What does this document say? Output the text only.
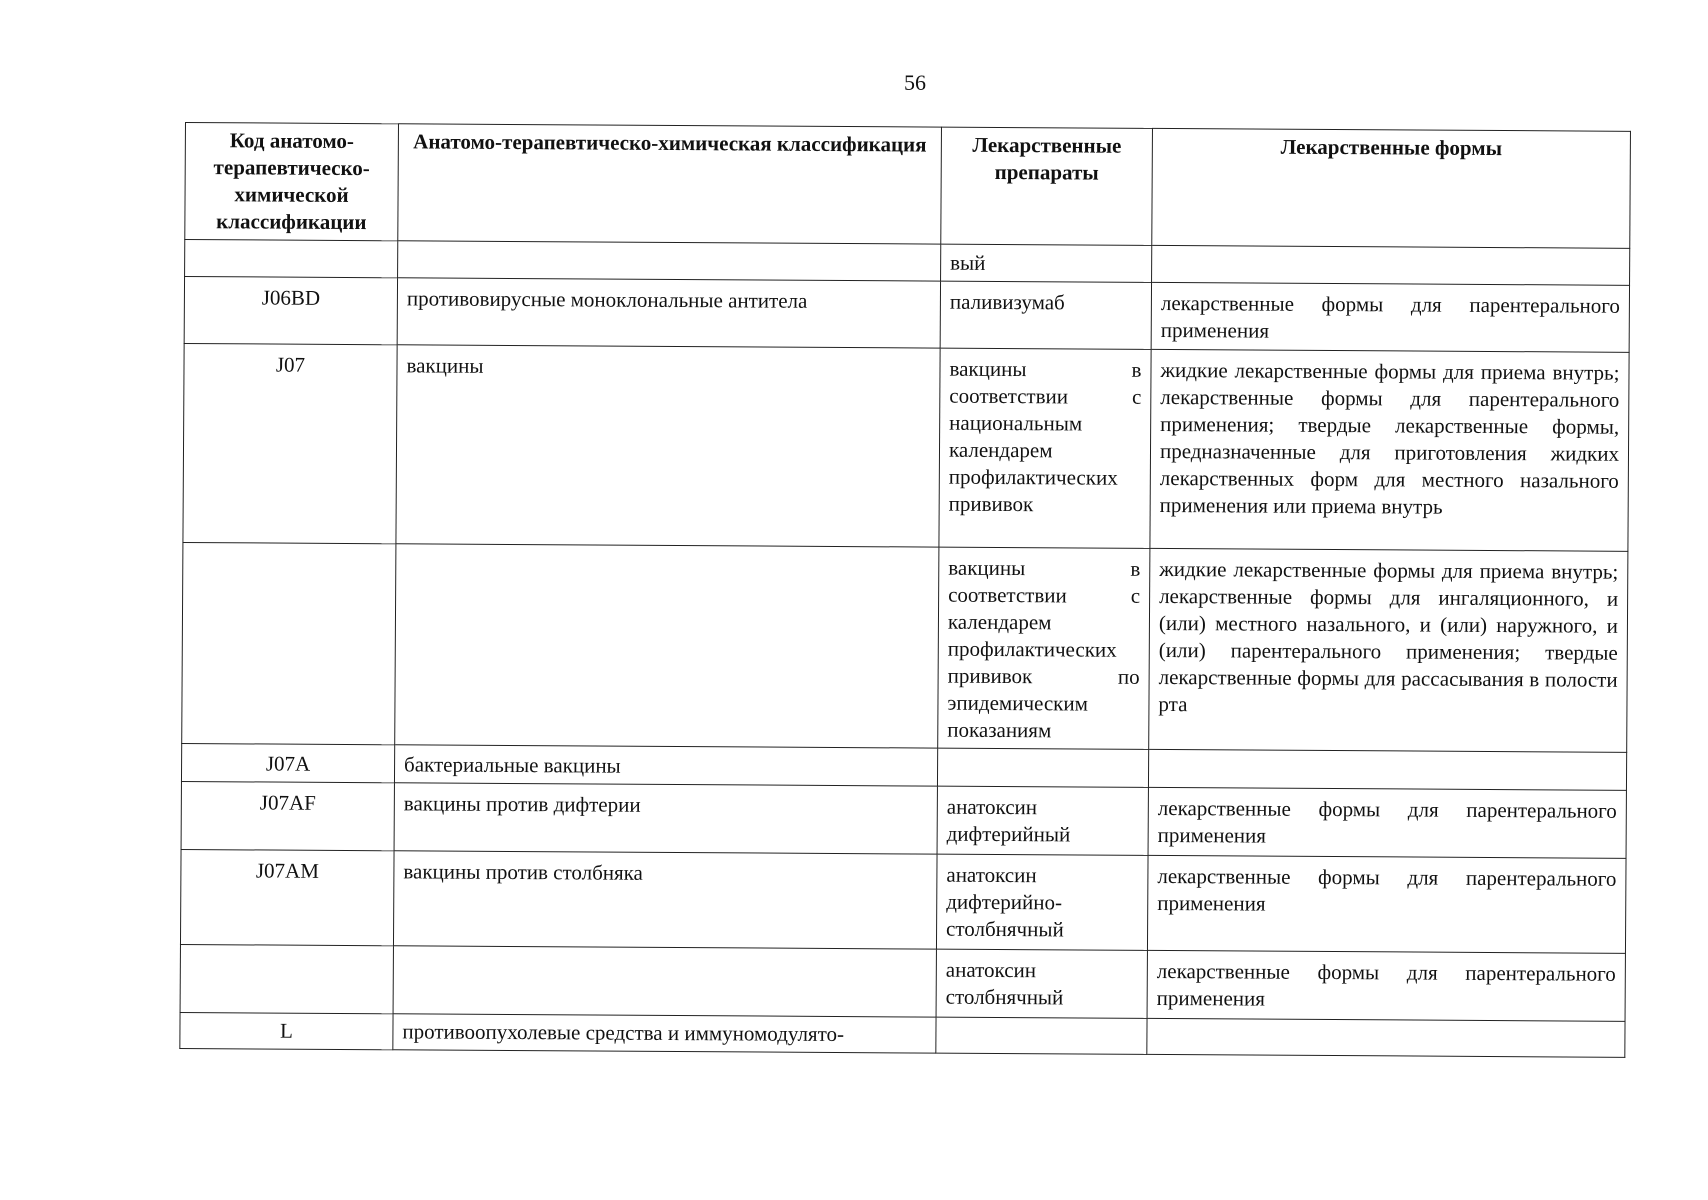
56
Код анатомо-терапевтическо-химической классификации	Анатомо-терапевтическо-химическая классификация	Лекарственные препараты	Лекарственные формы
		вый	
J06BD	противовирусные моноклональные антитела	паливизумаб	лекарственные формы для парентерального применения
J07	вакцины	вакцины в соответствии с национальным календарем профилактических прививок	жидкие лекарственные формы для приема внутрь; лекарственные формы для парентерального применения; твердые лекарственные формы, предназначенные для приготовления жидких лекарственных форм для местного назального применения или приема внутрь
		вакцины в соответствии с календарем профилактических прививок по эпидемическим показаниям	жидкие лекарственные формы для приема внутрь; лекарственные формы для ингаляционного, и (или) местного назального, и (или) наружного, и (или) парентерального применения; твердые лекарственные формы для рассасывания в полости рта
J07A	бактериальные вакцины		
J07AF	вакцины против дифтерии	анатоксин дифтерийный	лекарственные формы для парентерального применения
J07AM	вакцины против столбняка	анатоксин дифтерийно-столбнячный	лекарственные формы для парентерального применения
		анатоксин столбнячный	лекарственные формы для парентерального применения
L	противоопухолевые средства и иммуномодулято-		
